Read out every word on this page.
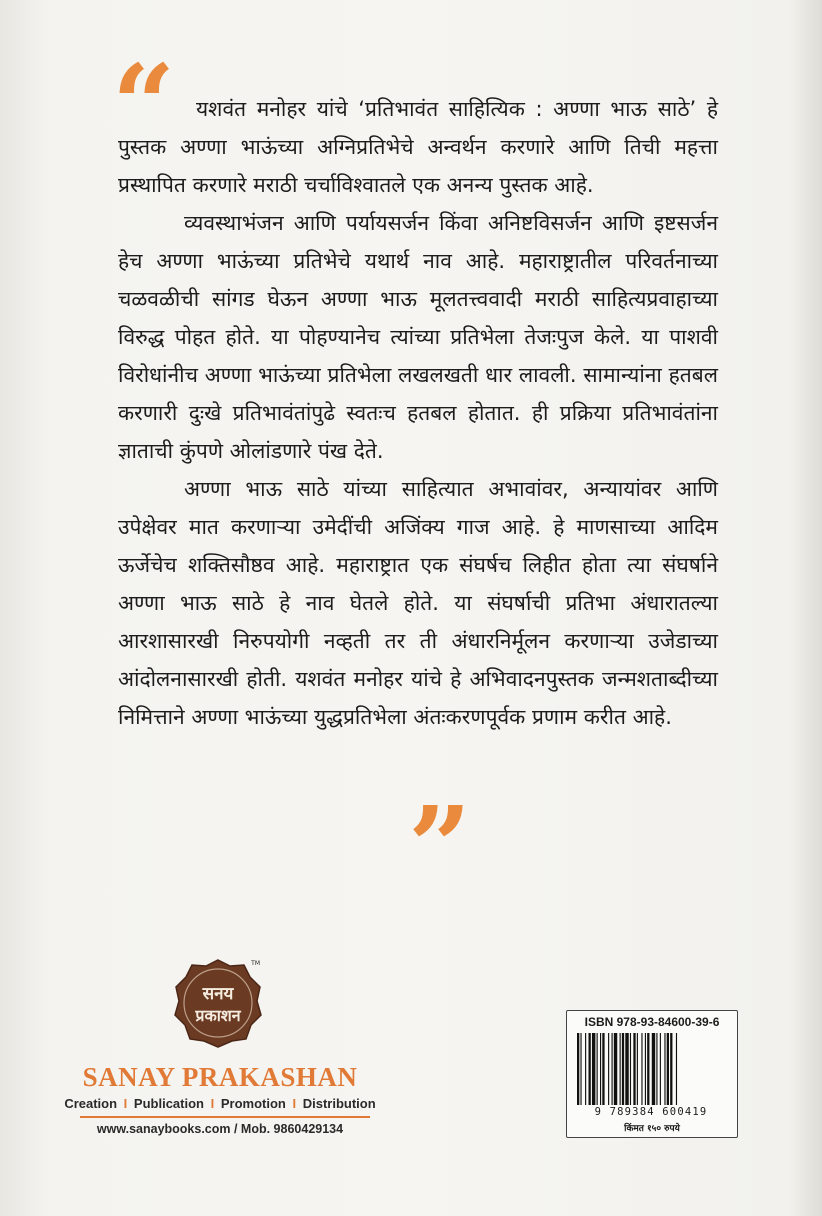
“ यशवंत मनोहर यांचे ‘प्रतिभावंत साहित्यिक : अण्णा भाऊ साठे’ हे पुस्तक अण्णा भाऊंच्या अग्निप्रतिभेचे अन्वर्थन करणारे आणि तिची महत्ता प्रस्थापित करणारे मराठी चर्चाविश्वातले एक अनन्य पुस्तक आहे.

व्यवस्थाभंजन आणि पर्यायसर्जन किंवा अनिष्टविसर्जन आणि इष्टसर्जन हेच अण्णा भाऊंच्या प्रतिभेचे यथार्थ नाव आहे. महाराष्ट्रातील परिवर्तनाच्या चळवळीची सांगड घेऊन अण्णा भाऊ मूलतत्त्ववादी मराठी साहित्यप्रवाहाच्या विरुद्ध पोहत होते. या पोहण्यानेच त्यांच्या प्रतिभेला तेजःपुज केले. या पाशवी विरोधांनीच अण्णा भाऊंच्या प्रतिभेला लखलखती धार लावली. सामान्यांना हतबल करणारी दुःखे प्रतिभावंतांपुढे स्वतःच हतबल होतात. ही प्रक्रिया प्रतिभावंतांना ज्ञाताची कुंपणे ओलांडणारे पंख देते.

अण्णा भाऊ साठे यांच्या साहित्यात अभावांवर, अन्यायांवर आणि उपेक्षेवर मात करणाऱ्या उमेदींची अजिंक्य गाज आहे. हे माणसाच्या आदिम ऊर्जेचेच शक्तिसौष्ठव आहे. महाराष्ट्रात एक संघर्षच लिहीत होता त्या संघर्षाने अण्णा भाऊ साठे हे नाव घेतले होते. या संघर्षाची प्रतिभा अंधारातल्या आरशासारखी निरुपयोगी नव्हती तर ती अंधारनिर्मूलन करणाऱ्या उजेडाच्या आंदोलनासारखी होती. यशवंत मनोहर यांचे हे अभिवादनपुस्तक जन्मशताब्दीच्या निमित्ताने अण्णा भाऊंच्या युद्धप्रतिभेला अंतःकरणपूर्वक प्रणाम करीत आहे.

”
सनय
प्रकाशन
TM
SANAY PRAKASHAN
Creation I Publication I Promotion I Distribution
www.sanaybooks.com / Mob. 9860429134
ISBN 978-93-84600-39-6
9 789384 600419
किंमत १५० रुपये
